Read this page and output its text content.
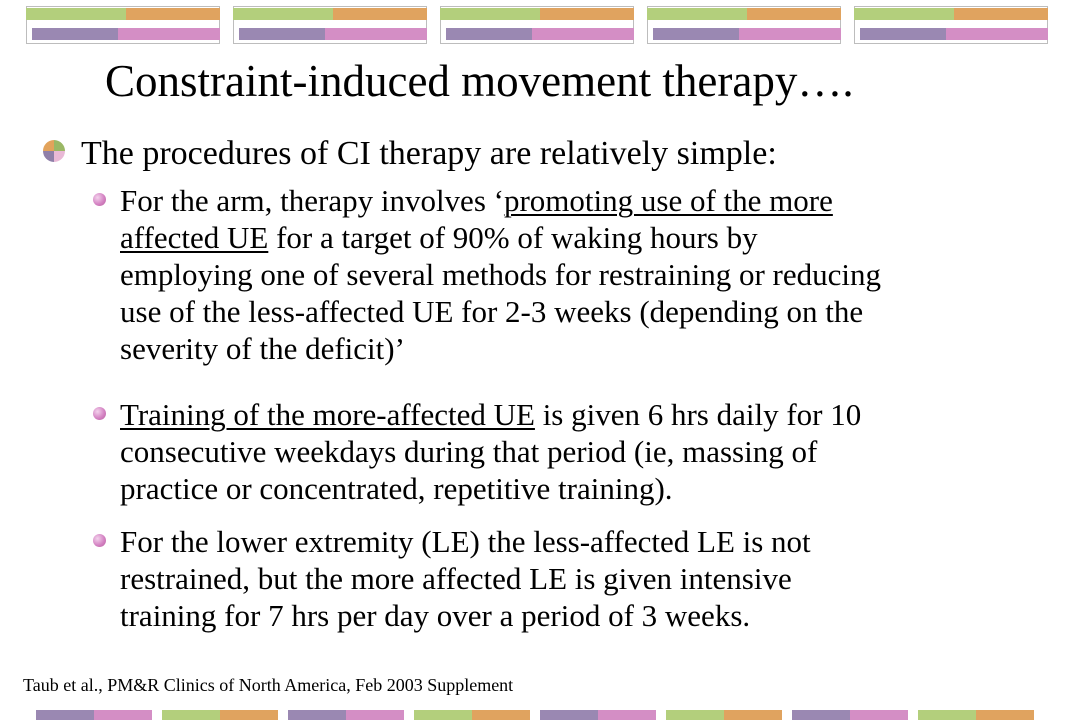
Constraint-induced movement therapy….
The procedures of CI therapy are relatively simple:
For the arm, therapy involves ‘promoting use of the more
affected UE for a target of 90% of waking hours by
employing one of several methods for restraining or reducing
use of the less-affected UE for 2-3 weeks (depending on the
severity of the deficit)’
Training of the more-affected UE is given 6 hrs daily for 10
consecutive weekdays during that period (ie, massing of
practice or concentrated, repetitive training).
For the lower extremity (LE) the less-affected LE is not
restrained, but the more affected LE is given intensive
training for 7 hrs per day over a period of 3 weeks.
Taub et al., PM&R Clinics of North America, Feb 2003 Supplement
